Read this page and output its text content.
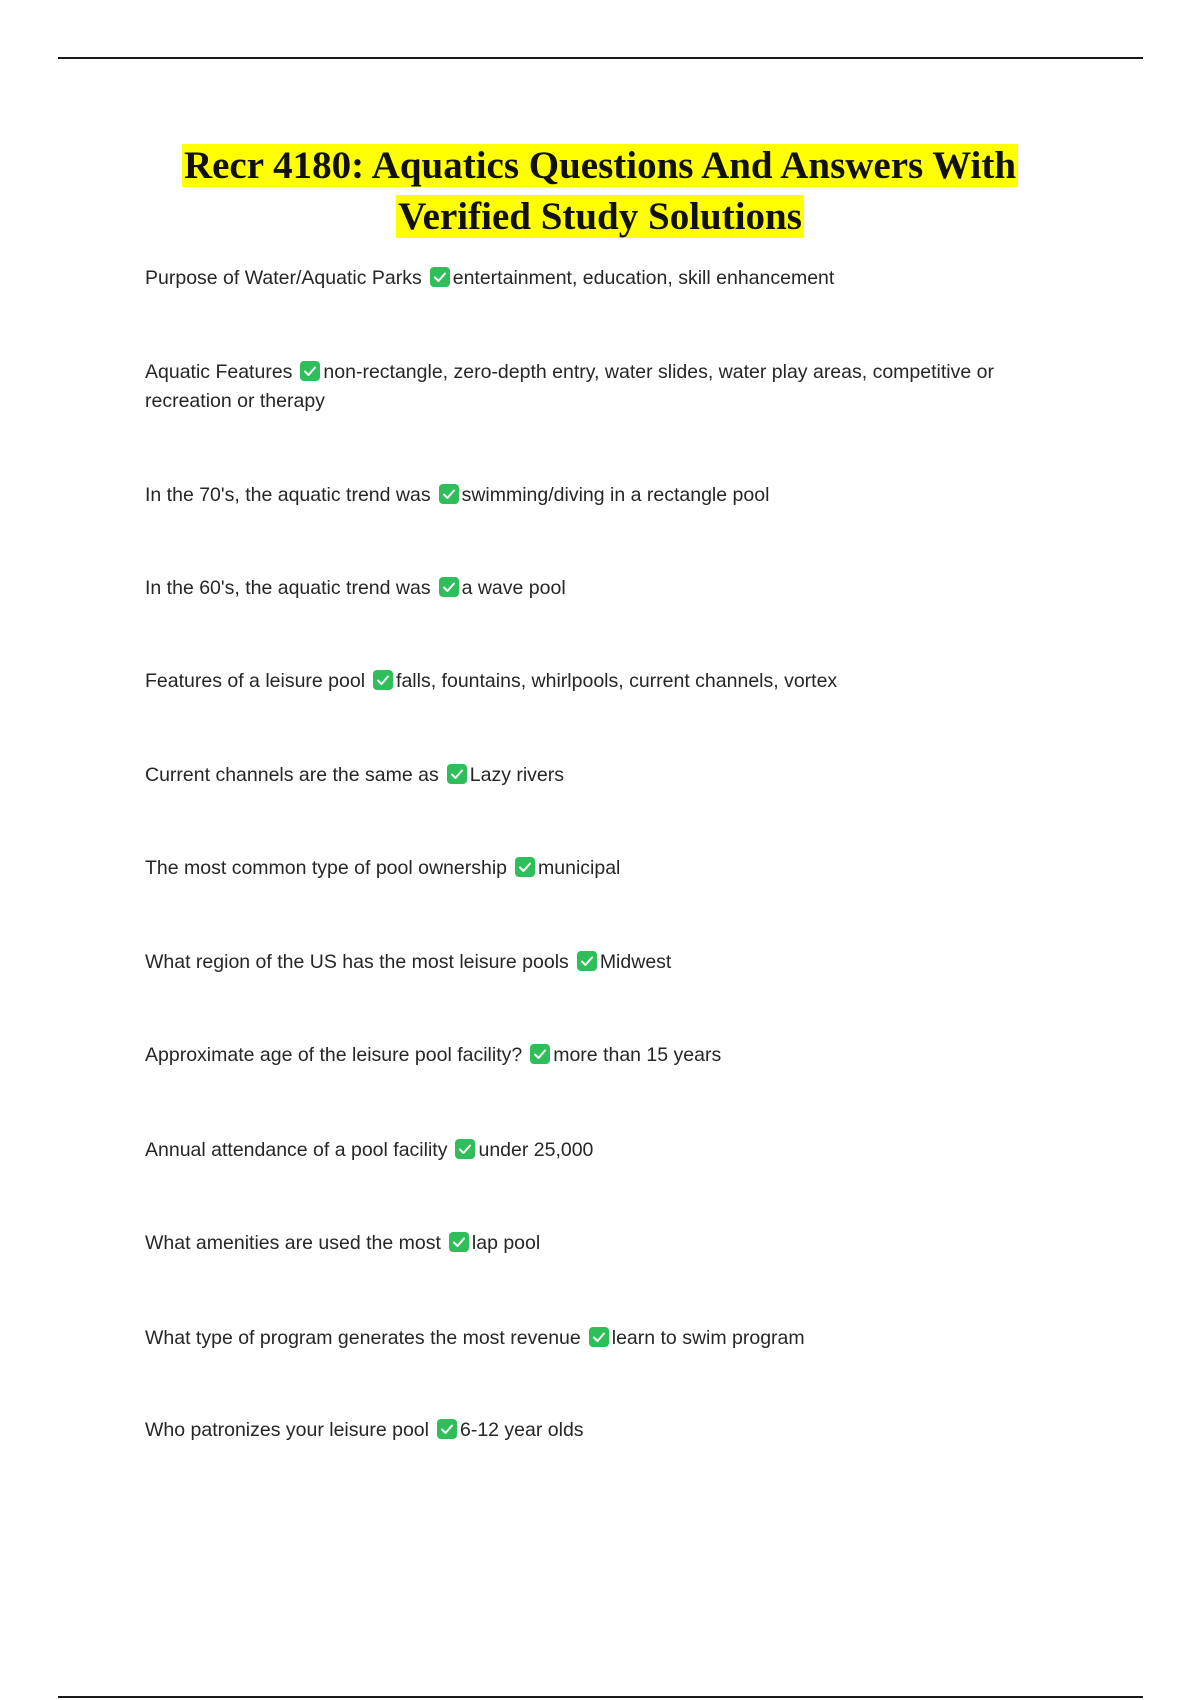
Recr 4180: Aquatics Questions And Answers With
Verified Study Solutions
Purpose of Water/Aquatic Parks entertainment, education, skill enhancement
Aquatic Features non-rectangle, zero-depth entry, water slides, water play areas, competitive or recreation or therapy
In the 70's, the aquatic trend was swimming/diving in a rectangle pool
In the 60's, the aquatic trend was a wave pool
Features of a leisure pool falls, fountains, whirlpools, current channels, vortex
Current channels are the same as Lazy rivers
The most common type of pool ownership municipal
What region of the US has the most leisure pools Midwest
Approximate age of the leisure pool facility? more than 15 years
Annual attendance of a pool facility under 25,000
What amenities are used the most lap pool
What type of program generates the most revenue learn to swim program
Who patronizes your leisure pool 6-12 year olds
